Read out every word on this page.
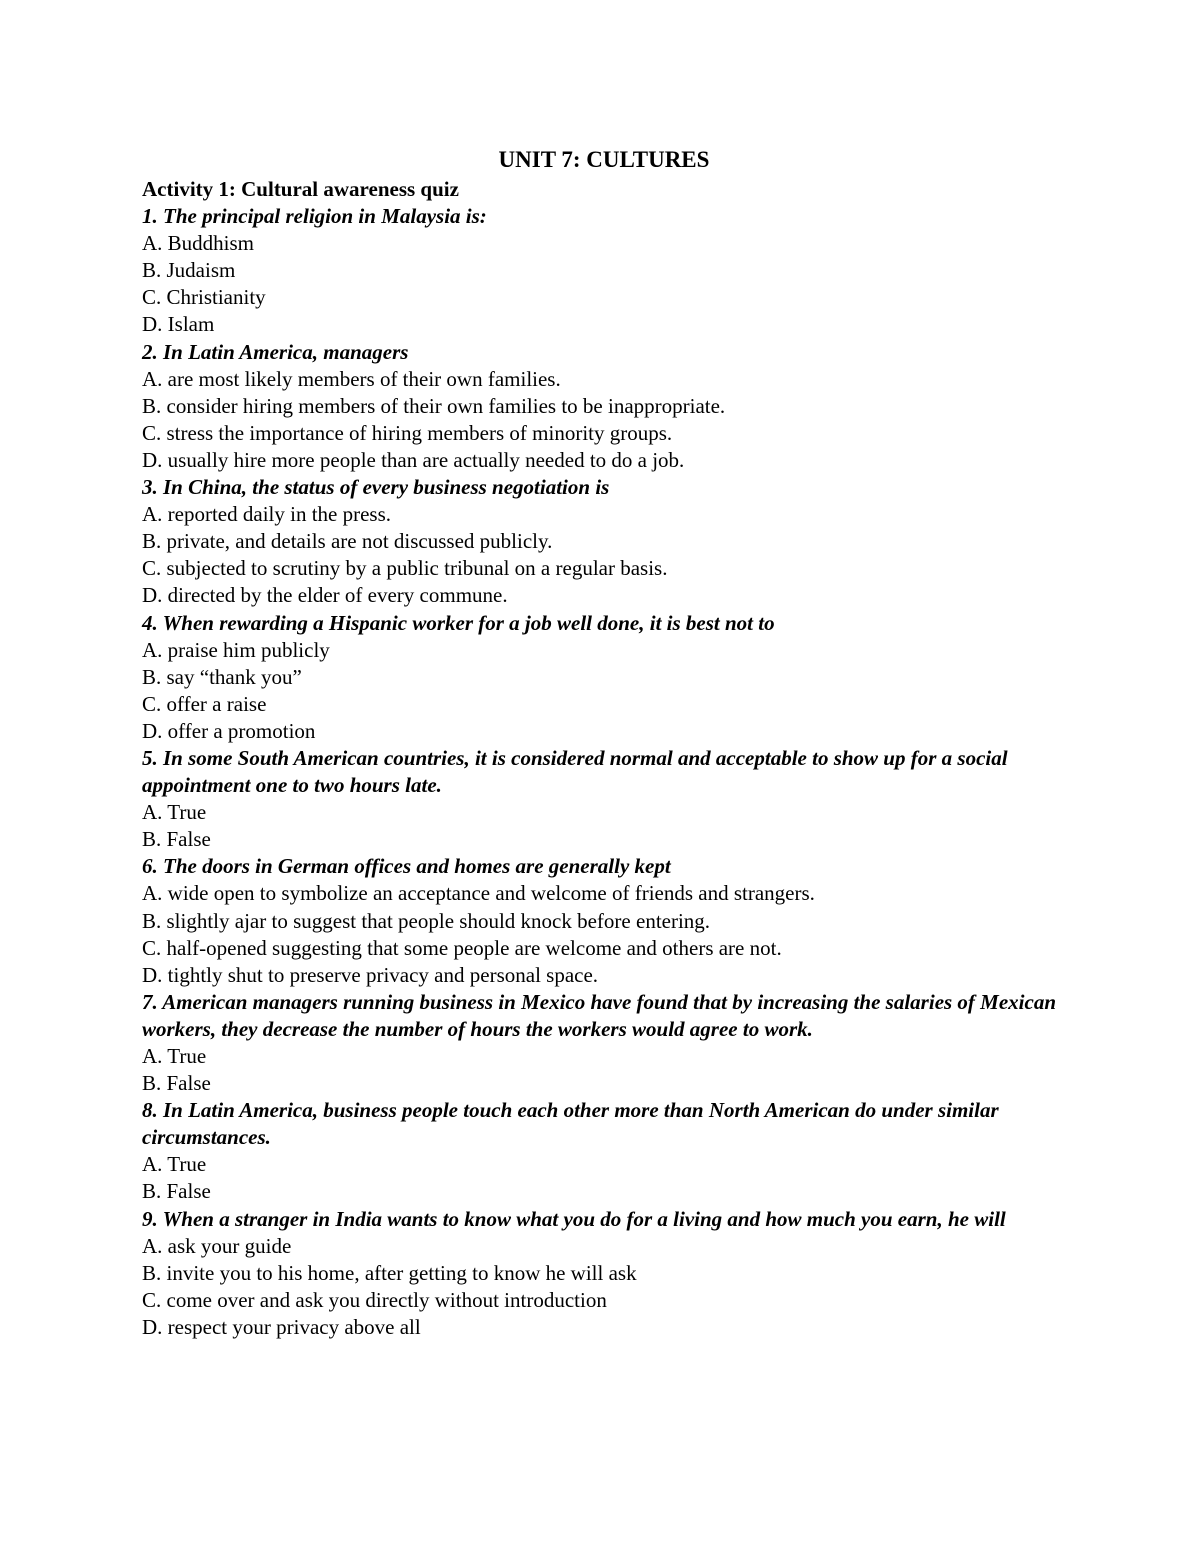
UNIT 7: CULTURES

Activity 1: Cultural awareness quiz

1. The principal religion in Malaysia is:

A. Buddhism

B. Judaism

C. Christianity

D. Islam

2. In Latin America, managers

A. are most likely members of their own families.

B. consider hiring members of their own families to be inappropriate.

C. stress the importance of hiring members of minority groups.

D. usually hire more people than are actually needed to do a job.

3. In China, the status of every business negotiation is

A. reported daily in the press.

B. private, and details are not discussed publicly.

C. subjected to scrutiny by a public tribunal on a regular basis.

D. directed by the elder of every commune.

4. When rewarding a Hispanic worker for a job well done, it is best not to

A. praise him publicly

B. say “thank you”

C. offer a raise

D. offer a promotion

5. In some South American countries, it is considered normal and acceptable to show up for a social appointment one to two hours late.

A. True

B. False

6. The doors in German offices and homes are generally kept

A. wide open to symbolize an acceptance and welcome of friends and strangers.

B. slightly ajar to suggest that people should knock before entering.

C. half-opened suggesting that some people are welcome and others are not.

D. tightly shut to preserve privacy and personal space.

7. American managers running business in Mexico have found that by increasing the salaries of Mexican workers, they decrease the number of hours the workers would agree to work.

A. True

B. False

8. In Latin America, business people touch each other more than North American do under similar circumstances.

A. True

B. False

9. When a stranger in India wants to know what you do for a living and how much you earn, he will

A. ask your guide

B. invite you to his home, after getting to know he will ask

C. come over and ask you directly without introduction

D. respect your privacy above all
